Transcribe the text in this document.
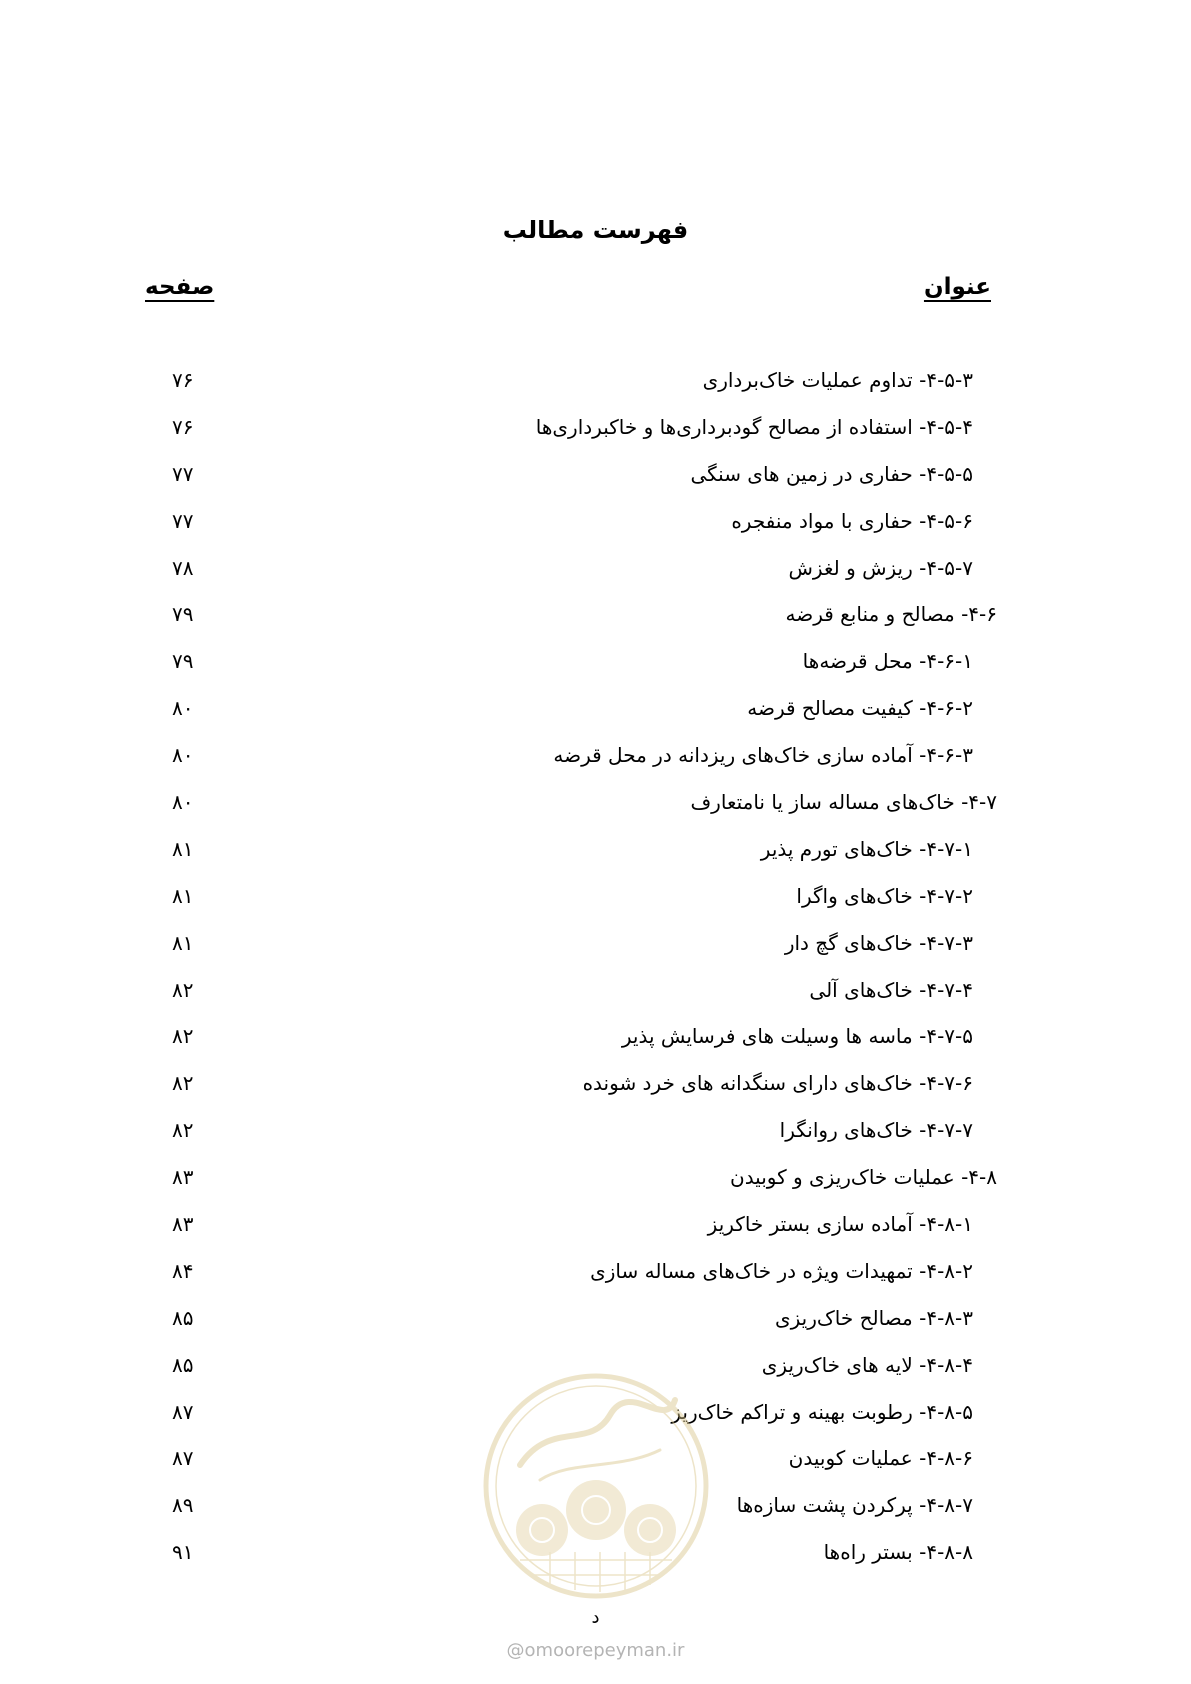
فهرست مطالب
عنوان
صفحه
۴-۵-۳- تداوم عملیات خاک‌برداری
۷۶
۴-۵-۴- استفاده از مصالح گودبرداری‌ها و خاکبرداری‌ها
۷۶
۴-۵-۵- حفاری در زمین های سنگی
۷۷
۴-۵-۶- حفاری با مواد منفجره
۷۷
۴-۵-۷- ریزش و لغزش
۷۸
۴-۶- مصالح و منابع قرضه
۷۹
۴-۶-۱- محل قرضه‌ها
۷۹
۴-۶-۲- کیفیت مصالح قرضه
۸۰
۴-۶-۳- آماده سازی خاک‌های ریزدانه در محل قرضه
۸۰
۴-۷- خاک‌های مساله ساز یا نامتعارف
۸۰
۴-۷-۱- خاک‌های تورم پذیر
۸۱
۴-۷-۲- خاک‌های واگرا
۸۱
۴-۷-۳- خاک‌های گچ دار
۸۱
۴-۷-۴- خاک‌های آلی
۸۲
۴-۷-۵- ماسه ها وسیلت های فرسایش پذیر
۸۲
۴-۷-۶- خاک‌های دارای سنگدانه های خرد شونده
۸۲
۴-۷-۷- خاک‌های روانگرا
۸۲
۴-۸- عملیات خاک‌ریزی و کوبیدن
۸۳
۴-۸-۱- آماده سازی بستر خاکریز
۸۳
۴-۸-۲- تمهیدات ویژه در خاک‌های مساله سازی
۸۴
۴-۸-۳- مصالح خاک‌ریزی
۸۵
۴-۸-۴- لایه های خاک‌ریزی
۸۵
۴-۸-۵- رطوبت بهینه و تراکم خاک‌ریز
۸۷
۴-۸-۶- عملیات کوبیدن
۸۷
۴-۸-۷- پرکردن پشت سازه‌ها
۸۹
۴-۸-۸- بستر راه‌ها
۹۱
د
@omoorepeyman.ir
